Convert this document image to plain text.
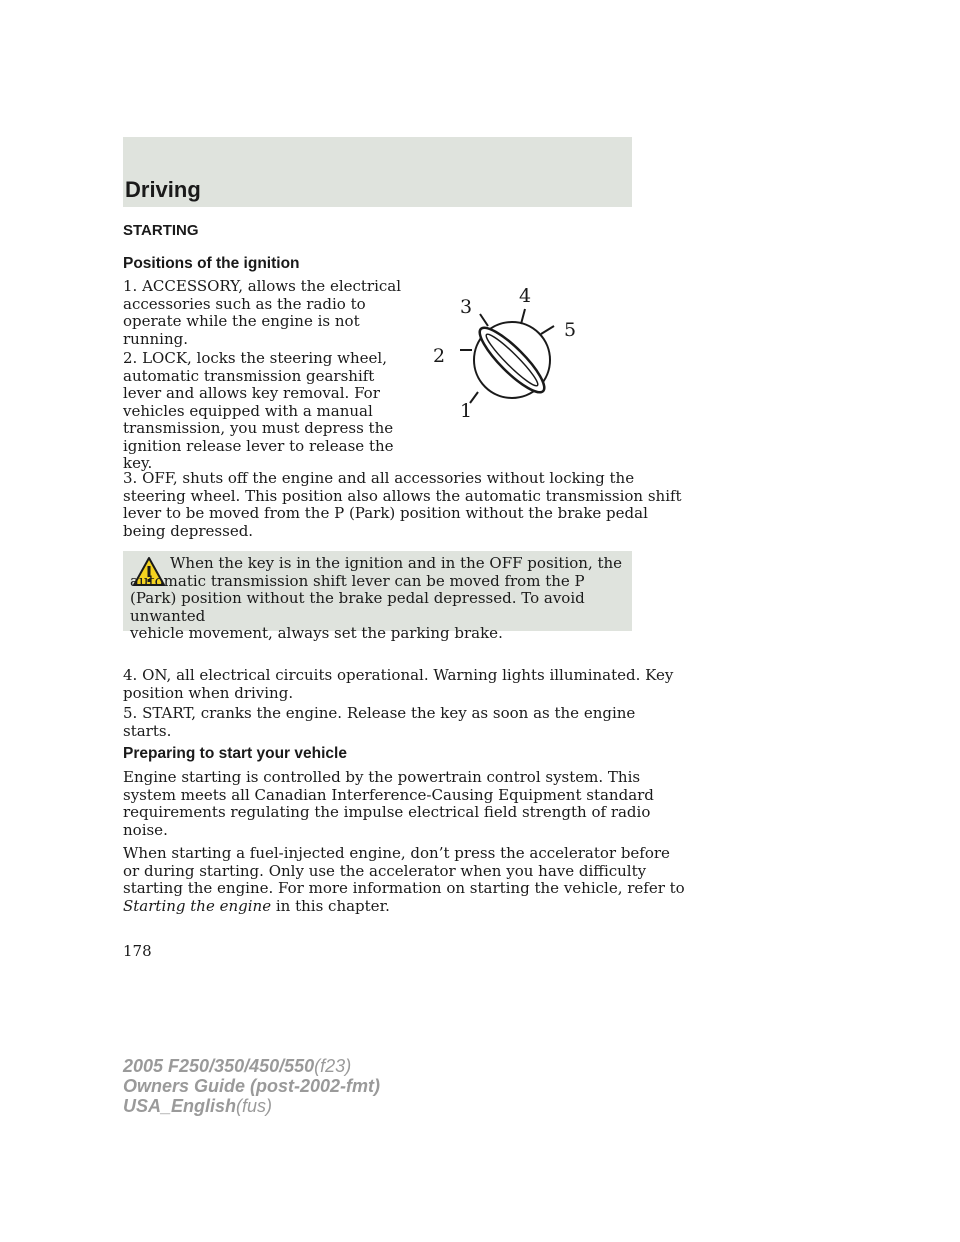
Driving
STARTING
Positions of the ignition

1. ACCESSORY, allows the electrical
accessories such as the radio to
operate while the engine is not
running.

2. LOCK, locks the steering wheel,
automatic transmission gearshift
lever and allows key removal. For
vehicles equipped with a manual
transmission, you must depress the
ignition release lever to release the
key.

1
2
3 4
5

3. OFF, shuts off the engine and all accessories without locking the
steering wheel. This position also allows the automatic transmission shift
lever to be moved from the P (Park) position without the brake pedal
being depressed.

When the key is in the ignition and in the OFF position, the
automatic transmission shift lever can be moved from the P
(Park) position without the brake pedal depressed. To avoid unwanted
vehicle movement, always set the parking brake.

4. ON, all electrical circuits operational. Warning lights illuminated. Key
position when driving.

5. START, cranks the engine. Release the key as soon as the engine
starts.

Preparing to start your vehicle

Engine starting is controlled by the powertrain control system. This
system meets all Canadian Interference-Causing Equipment standard
requirements regulating the impulse electrical field strength of radio
noise.

When starting a fuel-injected engine, don’t press the accelerator before
or during starting. Only use the accelerator when you have difficulty
starting the engine. For more information on starting the vehicle, refer to
Starting the engine in this chapter.

178
2005 F250/350/450/550(f23)
Owners Guide (post-2002-fmt)
USA_English(fus)
